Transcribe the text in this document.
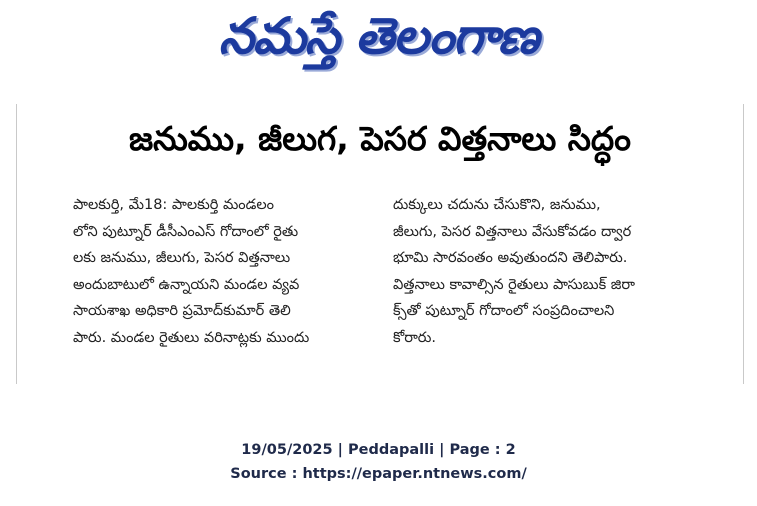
నమస్తే తెలంగాణ
జనుము, జీలుగ, పెసర విత్తనాలు సిద్ధం
పాలకుర్తి, మే18: పాలకుర్తి మండలం
లోని పుట్నూర్ డీసీఎంఎస్ గోదాంలో రైతు
లకు జనుము, జీలుగు, పెసర విత్తనాలు
అందుబాటులో ఉన్నాయని మండల వ్యవ
సాయశాఖ అధికారి ప్రమోద్‌కుమార్ తెలి
పారు. మండల రైతులు వరినాట్లకు ముందు
దుక్కులు చదును చేసుకొని, జనుము,
జీలుగు, పెసర విత్తనాలు వేసుకోవడం ద్వార
భూమి సారవంతం అవుతుందని తెలిపారు.
విత్తనాలు కావాల్సిన రైతులు పాసుబుక్ జిరా
క్స్‌తో పుట్నూర్ గోదాంలో సంప్రదించాలని
కోరారు.
19/05/2025 | Peddapalli | Page : 2
Source : https://epaper.ntnews.com/
